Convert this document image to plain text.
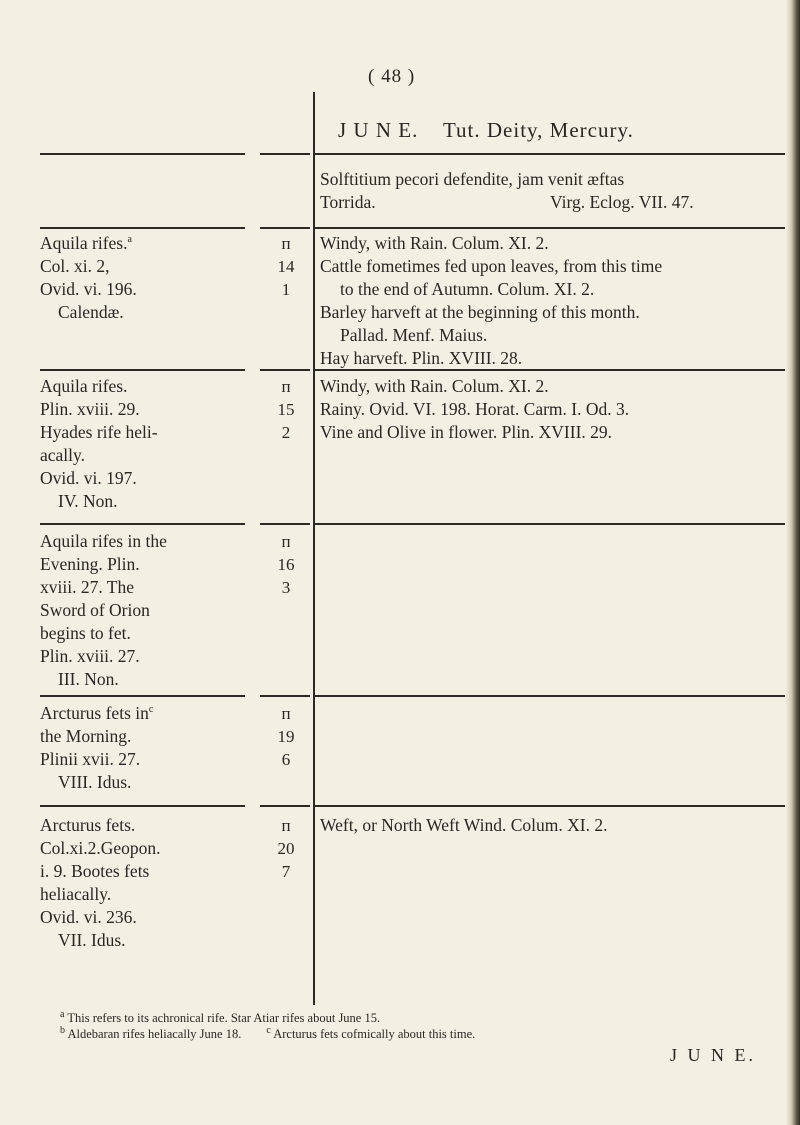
( 48 )
J U N E. Tut. Deity, Mercury.
Solftitium pecori defendite, jam venit æftas
Torrida.	Virg. Eclog. VII. 47.
Aquila rifes.$^a$
Col. xi. 2,
Ovid. vi. 196.
Calendæ.
п
14
1
Windy, with Rain. Colum. XI. 2.
Cattle fometimes fed upon leaves, from this time
to the end of Autumn. Colum. XI. 2.
Barley harveft at the beginning of this month.
Pallad. Menf. Maius.
Hay harveft. Plin. XVIII. 28.
Aquila rifes.
Plin. xviii. 29.
Hyades rife heli-
acally.
Ovid. vi. 197.
IV. Non.
п
15
2
Windy, with Rain. Colum. XI. 2.
Rainy. Ovid. VI. 198. Horat. Carm. I. Od. 3.
Vine and Olive in flower. Plin. XVIII. 29.
Aquila rifes in the
Evening. Plin.
xviii. 27. The
Sword of Orion
begins to fet.
Plin. xviii. 27.
III. Non.
п
16
3
Arcturus fets $in^c$
the Morning.
Plinii xvii. 27.
VIII. Idus.
п
19
6
Arcturus fets.
Col.xi.2.Geopon.
i. 9. Bootes fets
heliacally.
Ovid. vi. 236.
VII. Idus.
п
20
7
Weft, or North Weft Wind. Colum. XI. 2.
$^a$ This refers to its achronical rife. Star Atiar rifes about June 15.
$^b$ Aldebaran rifes heliacally June 18.	$^c$ Arcturus fets cofmically about this time.
J U N E.
